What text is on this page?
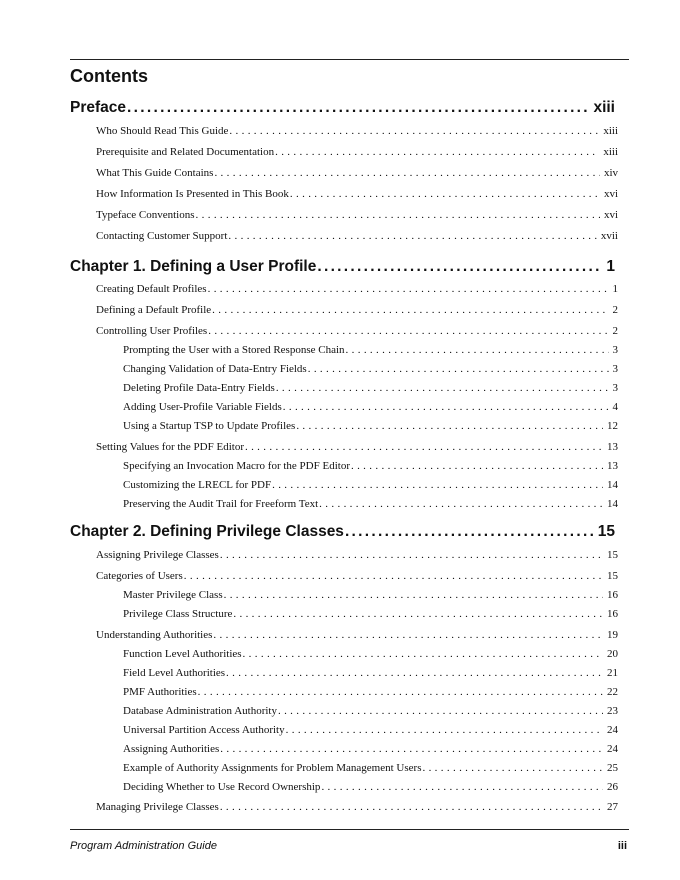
Contents
Preface . . .	xiii
Who Should Read This Guide . . .	xiii
Prerequisite and Related Documentation . . .	xiii
What This Guide Contains . . .	xiv
How Information Is Presented in This Book . . .	xvi
Typeface Conventions . . .	xvi
Contacting Customer Support . . .	xvii
Chapter 1. Defining a User Profile . . .	1
Creating Default Profiles . . .	1
Defining a Default Profile . . .	2
Controlling User Profiles . . .	2
Prompting the User with a Stored Response Chain . . .	3
Changing Validation of Data-Entry Fields . . .	3
Deleting Profile Data-Entry Fields . . .	3
Adding User-Profile Variable Fields . . .	4
Using a Startup TSP to Update Profiles . . .	12
Setting Values for the PDF Editor . . .	13
Specifying an Invocation Macro for the PDF Editor . . .	13
Customizing the LRECL for PDF . . .	14
Preserving the Audit Trail for Freeform Text . . .	14
Chapter 2. Defining Privilege Classes . . .	15
Assigning Privilege Classes . . .	15
Categories of Users . . .	15
Master Privilege Class . . .	16
Privilege Class Structure . . .	16
Understanding Authorities . . .	19
Function Level Authorities . . .	20
Field Level Authorities . . .	21
PMF Authorities . . .	22
Database Administration Authority . . .	23
Universal Partition Access Authority . . .	24
Assigning Authorities . . .	24
Example of Authority Assignments for Problem Management Users . . .	25
Deciding Whether to Use Record Ownership . . .	26
Managing Privilege Classes . . .	27
Program Administration Guide	iii
